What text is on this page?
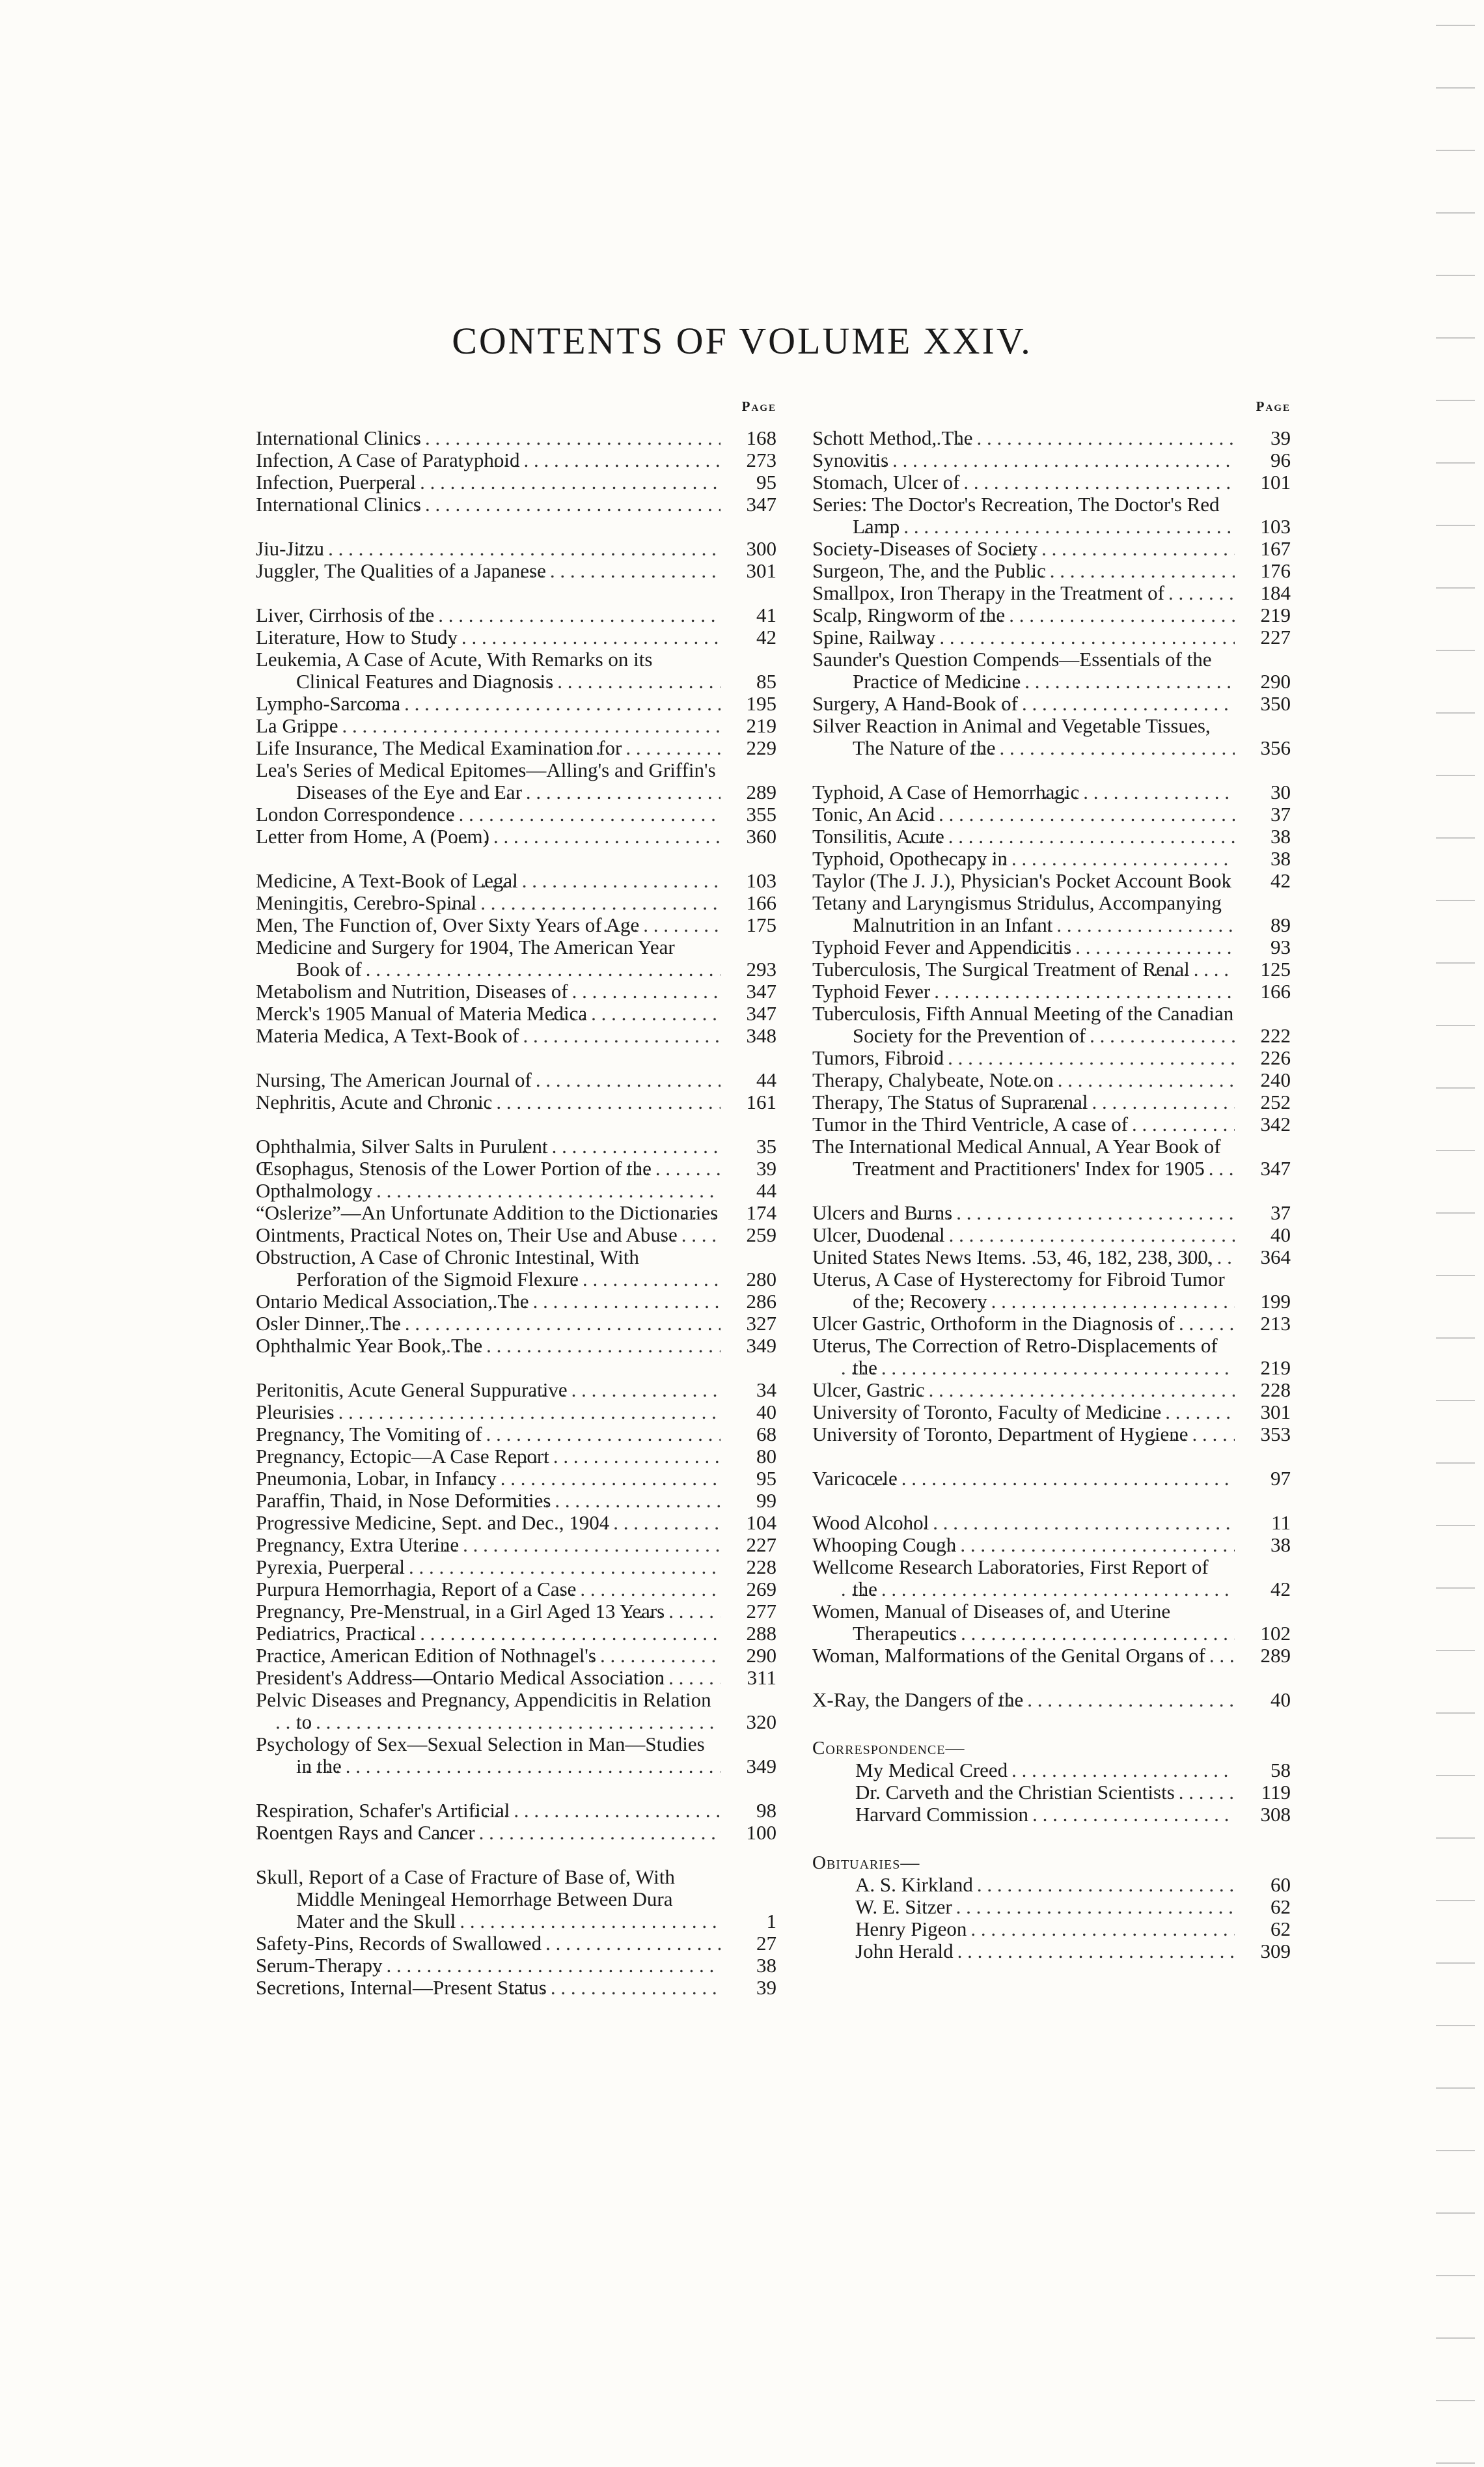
CONTENTS OF VOLUME XXIV.
Page
International Clinics . . .	168
Infection, A Case of Paratyphoid . . .	273
Infection, Puerperal . . .	95
International Clinics . . .	347
Jiu-Jitzu . . .	300
Juggler, The Qualities of a Japanese . . .	301
Liver, Cirrhosis of the . . .	41
Literature, How to Study . . .	42
Leukemia, A Case of Acute, With Remarks on its Clinical Features and Diagnosis . . .	85
Lympho-Sarcoma . . .	195
La Grippe . . .	219
Life Insurance, The Medical Examination for . . .	229
Lea's Series of Medical Epitomes—Alling's and Griffin's Diseases of the Eye and Ear . . .	289
London Correspondence . . .	355
Letter from Home, A (Poem) . . .	360
Medicine, A Text-Book of Legal . . .	103
Meningitis, Cerebro-Spinal . . .	166
Men, The Function of, Over Sixty Years of Age . . .	175
Medicine and Surgery for 1904, The American Year Book of . . .	293
Metabolism and Nutrition, Diseases of . . .	347
Merck's 1905 Manual of Materia Medica . . .	347
Materia Medica, A Text-Book of . . .	348
Nursing, The American Journal of . . .	44
Nephritis, Acute and Chronic . . .	161
Ophthalmia, Silver Salts in Purulent . . .	35
Œsophagus, Stenosis of the Lower Portion of the . . .	39
Opthalmology . . .	44
“Oslerize”—An Unfortunate Addition to the Dictionaries . . .	174
Ointments, Practical Notes on, Their Use and Abuse . . .	259
Obstruction, A Case of Chronic Intestinal, With Perforation of the Sigmoid Flexure . . .	280
Ontario Medical Association, The . . .	286
Osler Dinner, The . . .	327
Ophthalmic Year Book, The . . .	349
Peritonitis, Acute General Suppurative . . .	34
Pleurisies . . .	40
Pregnancy, The Vomiting of . . .	68
Pregnancy, Ectopic—A Case Report . . .	80
Pneumonia, Lobar, in Infancy . . .	95
Paraffin, Thaid, in Nose Deformities . . .	99
Progressive Medicine, Sept. and Dec., 1904 . . .	104
Pregnancy, Extra Uterine . . .	227
Pyrexia, Puerperal . . .	228
Purpura Hemorrhagia, Report of a Case . . .	269
Pregnancy, Pre-Menstrual, in a Girl Aged 13 Years . . .	277
Pediatrics, Practical . . .	288
Practice, American Edition of Nothnagel's . . .	290
President's Address—Ontario Medical Association . . .	311
Pelvic Diseases and Pregnancy, Appendicitis in Relation to . . .	320
Psychology of Sex—Sexual Selection in Man—Studies in the . . .	349
Respiration, Schafer's Artificial . . .	98
Roentgen Rays and Cancer . . .	100
Skull, Report of a Case of Fracture of Base of, With Middle Meningeal Hemorrhage Between Dura Mater and the Skull . . .	1
Safety-Pins, Records of Swallowed . . .	27
Serum-Therapy . . .	38
Secretions, Internal—Present Status . . .	39
Page
Schott Method, The . . .	39
Synovitis . . .	96
Stomach, Ulcer of . . .	101
Series: The Doctor's Recreation, The Doctor's Red Lamp . . .	103
Society-Diseases of Society . . .	167
Surgeon, The, and the Public . . .	176
Smallpox, Iron Therapy in the Treatment of . . .	184
Scalp, Ringworm of the . . .	219
Spine, Railway . . .	227
Saunder's Question Compends—Essentials of the Practice of Medicine . . .	290
Surgery, A Hand-Book of . . .	350
Silver Reaction in Animal and Vegetable Tissues, The Nature of the . . .	356
Typhoid, A Case of Hemorrhagic . . .	30
Tonic, An Acid . . .	37
Tonsilitis, Acute . . .	38
Typhoid, Opothecapy in . . .	38
Taylor (The J. J.), Physician's Pocket Account Book . . .	42
Tetany and Laryngismus Stridulus, Accompanying Malnutrition in an Infant . . .	89
Typhoid Fever and Appendicitis . . .	93
Tuberculosis, The Surgical Treatment of Renal . . .	125
Typhoid Fever . . .	166
Tuberculosis, Fifth Annual Meeting of the Canadian Society for the Prevention of . . .	222
Tumors, Fibroid . . .	226
Therapy, Chalybeate, Note on . . .	240
Therapy, The Status of Suprarenal . . .	252
Tumor in the Third Ventricle, A case of . . .	342
The International Medical Annual, A Year Book of Treatment and Practitioners' Index for 1905 . . .	347
Ulcers and Burns . . .	37
Ulcer, Duodenal . . .	40
United States News Items. .53, 46, 182, 238, 300, . . .	364
Uterus, A Case of Hysterectomy for Fibroid Tumor of the; Recovery . . .	199
Ulcer Gastric, Orthoform in the Diagnosis of . . .	213
Uterus, The Correction of Retro-Displacements of the . . .	219
Ulcer, Gastric . . .	228
University of Toronto, Faculty of Medicine . . .	301
University of Toronto, Department of Hygiene . . .	353
Varicocele . . .	97
Wood Alcohol . . .	11
Whooping Cough . . .	38
Wellcome Research Laboratories, First Report of the . . .	42
Women, Manual of Diseases of, and Uterine Therapeutics . . .	102
Woman, Malformations of the Genital Organs of . . .	289
X-Ray, the Dangers of the . . .	40
Correspondence—
My Medical Creed . . .	58
Dr. Carveth and the Christian Scientists . . .	119
Harvard Commission . . .	308
Obituaries—
A. S. Kirkland . . .	60
W. E. Sitzer . . .	62
Henry Pigeon . . .	62
John Herald . . .	309
